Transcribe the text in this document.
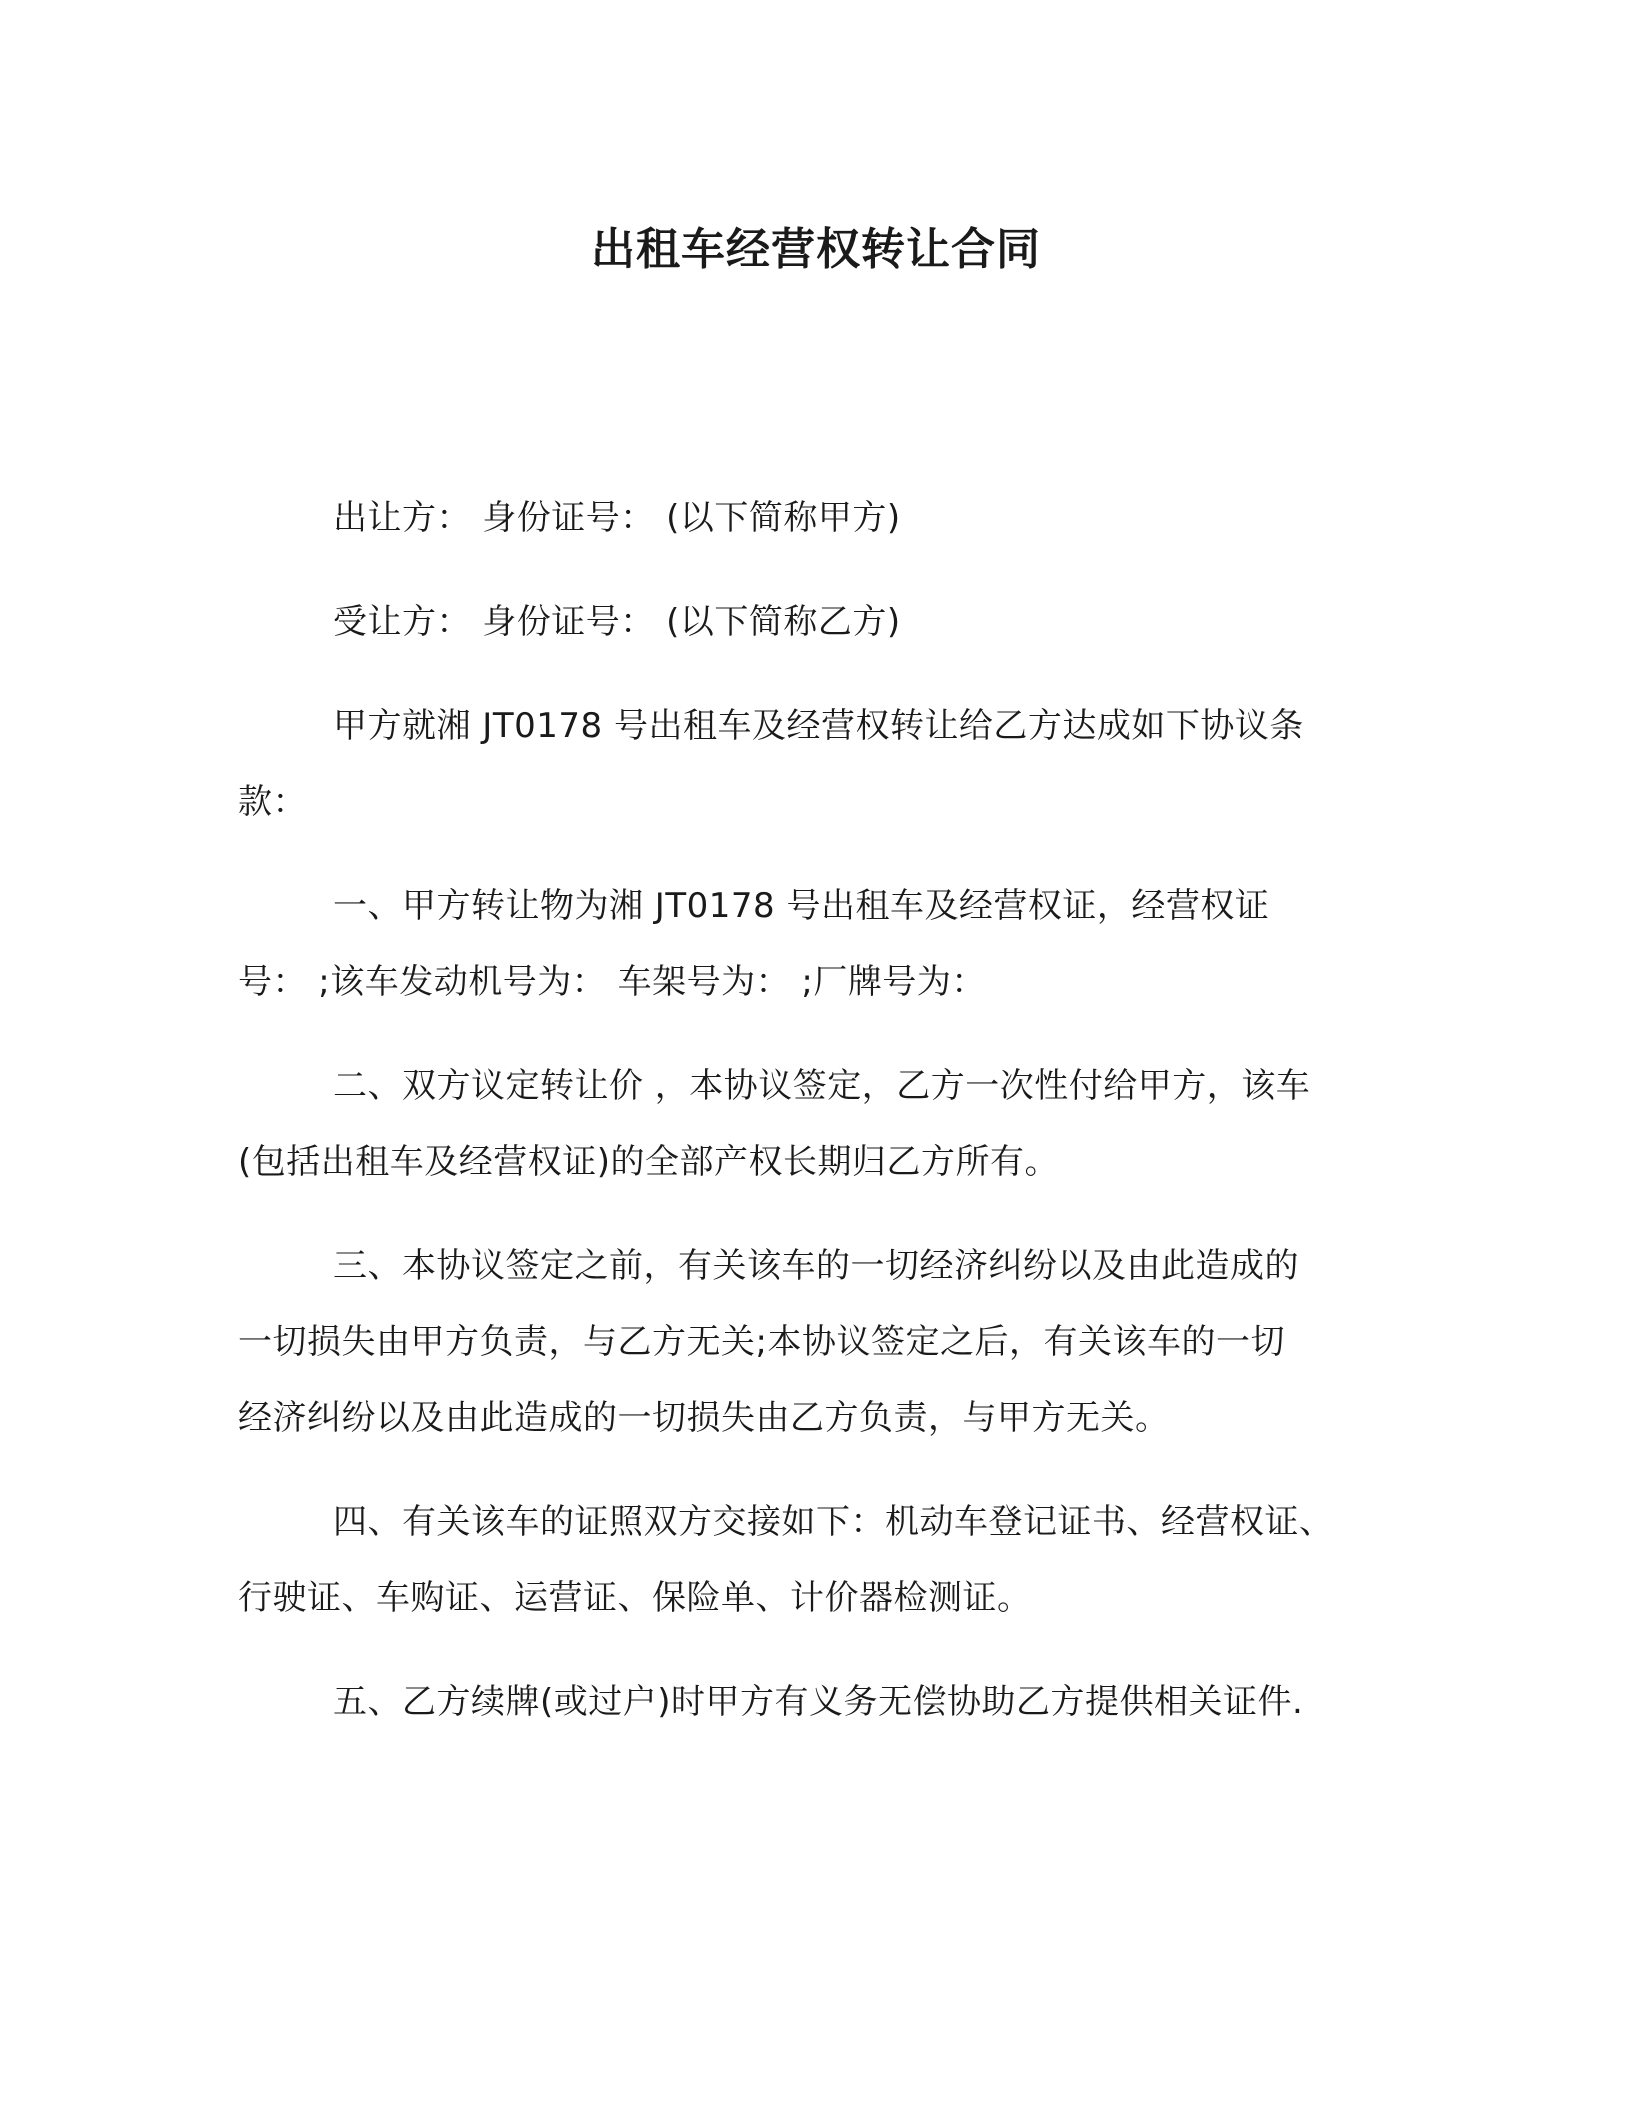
出租车经营权转让合同

出让方： 身份证号： (以下简称甲方)

受让方： 身份证号： (以下简称乙方)

甲方就湘 JT0178 号出租车及经营权转让给乙方达成如下协议条

款：

一、甲方转让物为湘 JT0178 号出租车及经营权证，经营权证

号： ;该车发动机号为： 车架号为： ;厂牌号为：

二、双方议定转让价 ，本协议签定，乙方一次性付给甲方，该车

(包括出租车及经营权证)的全部产权长期归乙方所有。

三、本协议签定之前，有关该车的一切经济纠纷以及由此造成的

一切损失由甲方负责，与乙方无关;本协议签定之后，有关该车的一切

经济纠纷以及由此造成的一切损失由乙方负责，与甲方无关。

四、有关该车的证照双方交接如下：机动车登记证书、经营权证、

行驶证、车购证、运营证、保险单、计价器检测证。

五、乙方续牌(或过户)时甲方有义务无偿协助乙方提供相关证件.
